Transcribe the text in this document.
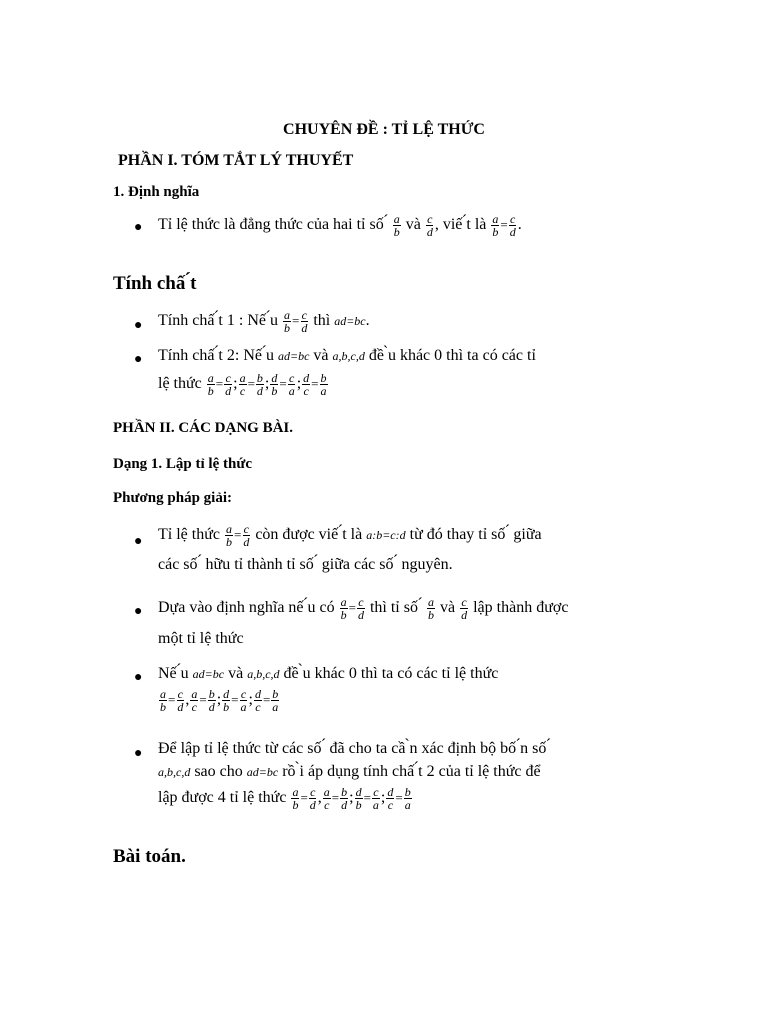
CHUYÊN ĐỀ : TỈ LỆ THỨC
PHẦN I. TÓM TẮT LÝ THUYẾT
1. Định nghĩa
● Tỉ lệ thức là đẳng thức của hai tỉ số ́ $\frac{a}{b}$ và $\frac{c}{d}$ , viế ́t là $\frac{a}{b} = \frac{c}{d}$ .
Tính chấ ́t
● Tính chấ ́t 1 : Nế ́u $\frac{a}{b} = \frac{c}{d}$ thì ad=bc.
● Tính chấ ́t 2: Nế ́u ad=bc và a,b,c,d đề ̀u khác 0 thì ta có các tỉ
lệ thức $\frac{a}{b} = \frac{c}{d}$ ; $\frac{a}{c} = \frac{b}{d}$ ; $\frac{d}{b} = \frac{c}{a}$ ; $\frac{d}{c} = \frac{b}{a}$
PHẦN II. CÁC DẠNG BÀI.
Dạng 1. Lập tỉ lệ thức
Phương pháp giải:
● Tỉ lệ thức $\frac{a}{b} = \frac{c}{d}$ còn được viế ́t là a:b=c:d từ đó thay tỉ số ́ giữa
các số ́ hữu tỉ thành tỉ số ́ giữa các số ́ nguyên.
● Dựa vào định nghĩa nế ́u có $\frac{a}{b} = \frac{c}{d}$ thì tỉ số ́ $\frac{a}{b}$ và $\frac{c}{d}$ lập thành được
một tỉ lệ thức
● Nế ́u ad=bc và a,b,c,d đề ̀u khác 0 thì ta có các tỉ lệ thức
$\frac{a}{b} = \frac{c}{d}$ , $\frac{a}{c} = \frac{b}{d}$ ; $\frac{d}{b} = \frac{c}{a}$ ; $\frac{d}{c} = \frac{b}{a}$
● Để lập tỉ lệ thức từ các số ́ đã cho ta cầ ̀n xác định bộ bố ́n số ́
a,b,c,d sao cho ad=bc rồ ̀i áp dụng tính chấ ́t 2 của tỉ lệ thức để
lập được 4 tỉ lệ thức $\frac{a}{b} = \frac{c}{d}$ , $\frac{a}{c} = \frac{b}{d}$ ; $\frac{d}{b} = \frac{c}{a}$ ; $\frac{d}{c} = \frac{b}{a}$
Bài toán.
